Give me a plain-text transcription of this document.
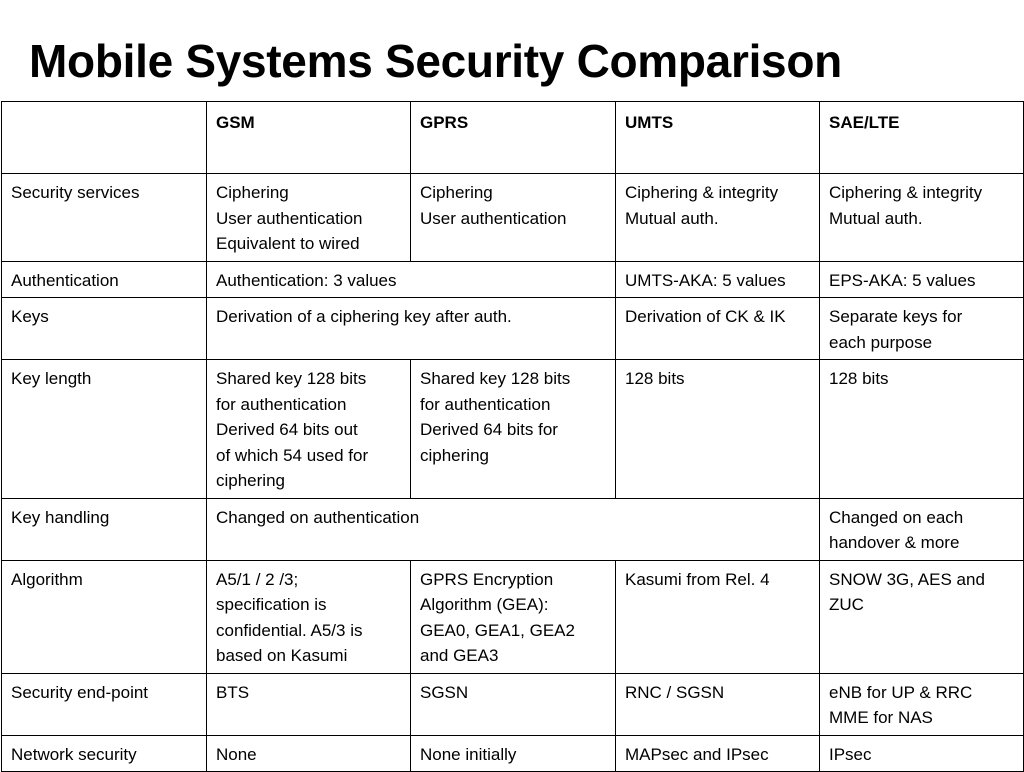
Mobile Systems Security Comparison

	GSM	GPRS	UMTS	SAE/LTE

Security services	Ciphering
User authentication
Equivalent to wired	Ciphering
User authentication	Ciphering & integrity
Mutual auth.	Ciphering & integrity
Mutual auth.

Authentication	Authentication: 3 values		UMTS-AKA: 5 values	EPS-AKA: 5 values

Keys	Derivation of a ciphering key after auth.		Derivation of CK & IK	Separate keys for
each purpose

Key length	Shared key 128 bits
for authentication
Derived 64 bits out
of which 54 used for
ciphering	Shared key 128 bits
for authentication
Derived 64 bits for
ciphering	128 bits	128 bits

Key handling	Changed on authentication			Changed on each
handover & more

Algorithm	A5/1 / 2 /3;
specification is
confidential. A5/3 is
based on Kasumi	GPRS Encryption
Algorithm (GEA):
GEA0, GEA1, GEA2
and GEA3	Kasumi from Rel. 4	SNOW 3G, AES and
ZUC

Security end-point	BTS	SGSN	RNC / SGSN	eNB for UP & RRC
MME for NAS

Network security	None	None initially	MAPsec and IPsec	IPsec
